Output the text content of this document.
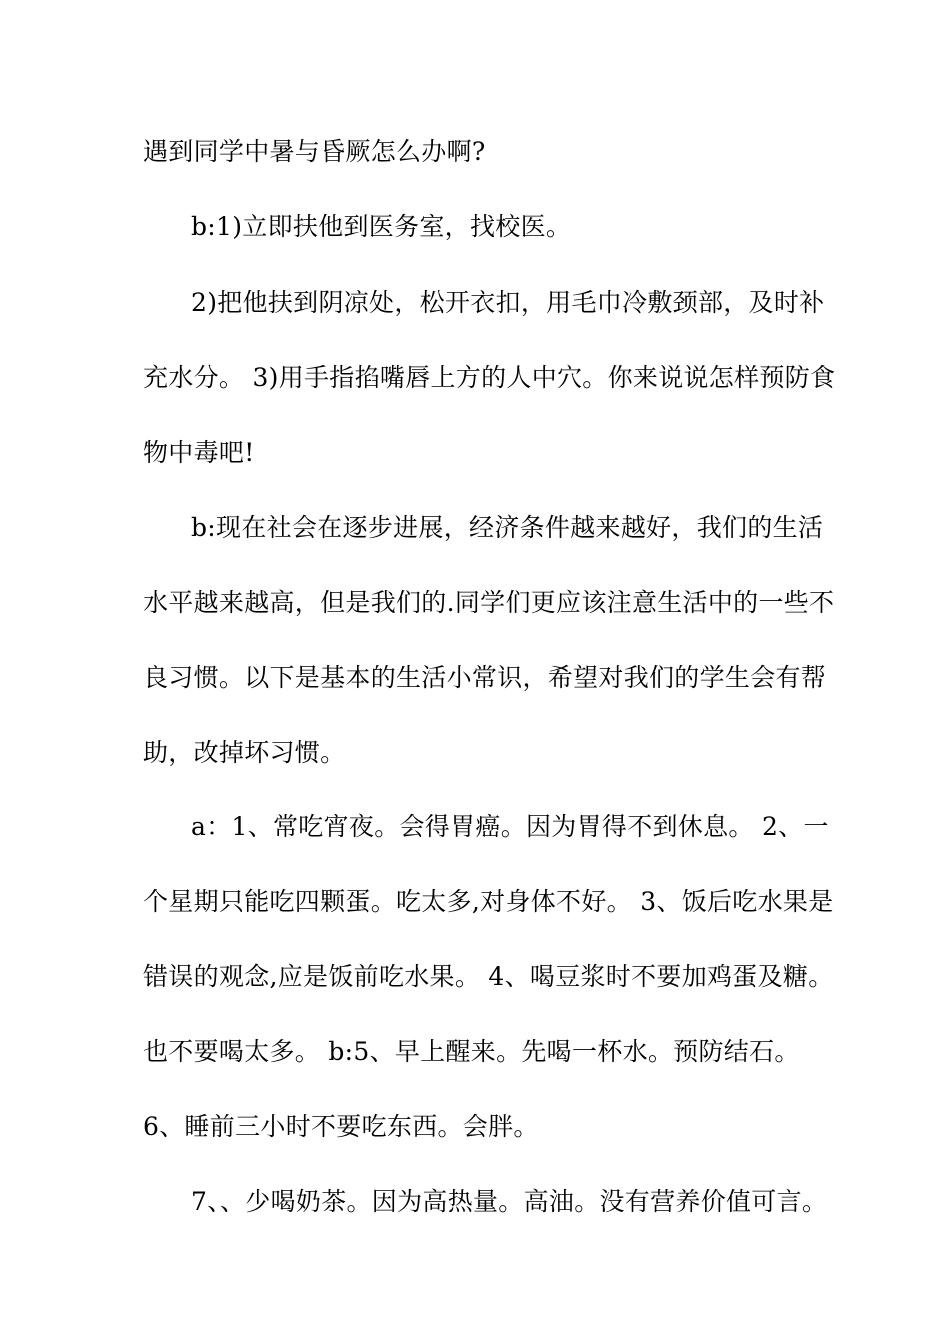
遇到同学中暑与昏厥怎么办啊?
b:1)立即扶他到医务室，找校医。
2)把他扶到阴凉处，松开衣扣，用毛巾冷敷颈部，及时补
充水分。 3)用手指掐嘴唇上方的人中穴。你来说说怎样预防食
物中毒吧!
b:现在社会在逐步进展，经济条件越来越好，我们的生活
水平越来越高，但是我们的.同学们更应该注意生活中的一些不
良习惯。以下是基本的生活小常识，希望对我们的学生会有帮
助，改掉坏习惯。
a：1、常吃宵夜。会得胃癌。因为胃得不到休息。 2、一
个星期只能吃四颗蛋。吃太多,对身体不好。 3、饭后吃水果是
错误的观念,应是饭前吃水果。 4、喝豆浆时不要加鸡蛋及糖。
也不要喝太多。 b:5、早上醒来。先喝一杯水。预防结石。
6、睡前三小时不要吃东西。会胖。
7、、少喝奶茶。因为高热量。高油。没有营养价值可言。
